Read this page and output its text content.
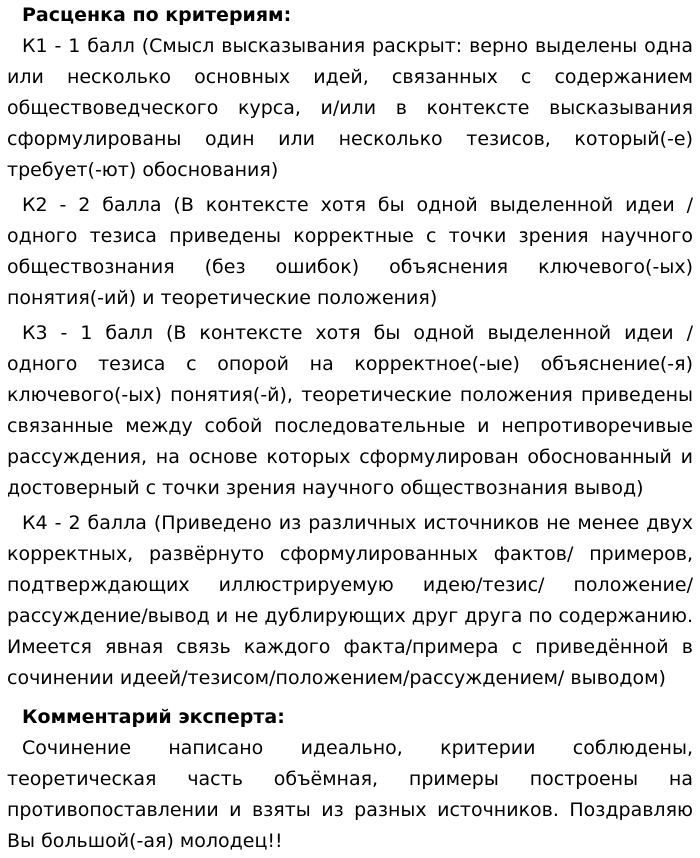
Расценка по критериям:

К1 - 1 балл (Смысл высказывания раскрыт: верно выделены одна или несколько основных идей, связанных с содержанием обществоведческого курса, и/или в контексте высказывания сформулированы один или несколько тезисов, который(-е) требует(-ют) обоснования)

К2 - 2 балла (В контексте хотя бы одной выделенной идеи / одного тезиса приведены корректные с точки зрения научного обществознания (без ошибок) объяснения ключевого(-ых) понятия(-ий) и теоретические положения)

К3 - 1 балл (В контексте хотя бы одной выделенной идеи / одного тезиса с опорой на корректное(-ые) объяснение(-я) ключевого(-ых) понятия(-й), теоретические положения приведены связанные между собой последовательные и непротиворечивые рассуждения, на основе которых сформулирован обоснованный и достоверный с точки зрения научного обществознания вывод)

К4 - 2 балла (Приведено из различных источников не менее двух корректных, развёрнуто сформулированных фактов/ примеров, подтверждающих иллюстрируемую идею/тезис/ положение/ рассуждение/вывод и не дублирующих друг друга по содержанию. Имеется явная связь каждого факта/примера с приведённой в сочинении идеей/тезисом/положением/рассуждением/ выводом)

Комментарий эксперта:

Сочинение написано идеально, критерии соблюдены, теоретическая часть объёмная, примеры построены на противопоставлении и взяты из разных источников. Поздравляю Вы большой(-ая) молодец!!
